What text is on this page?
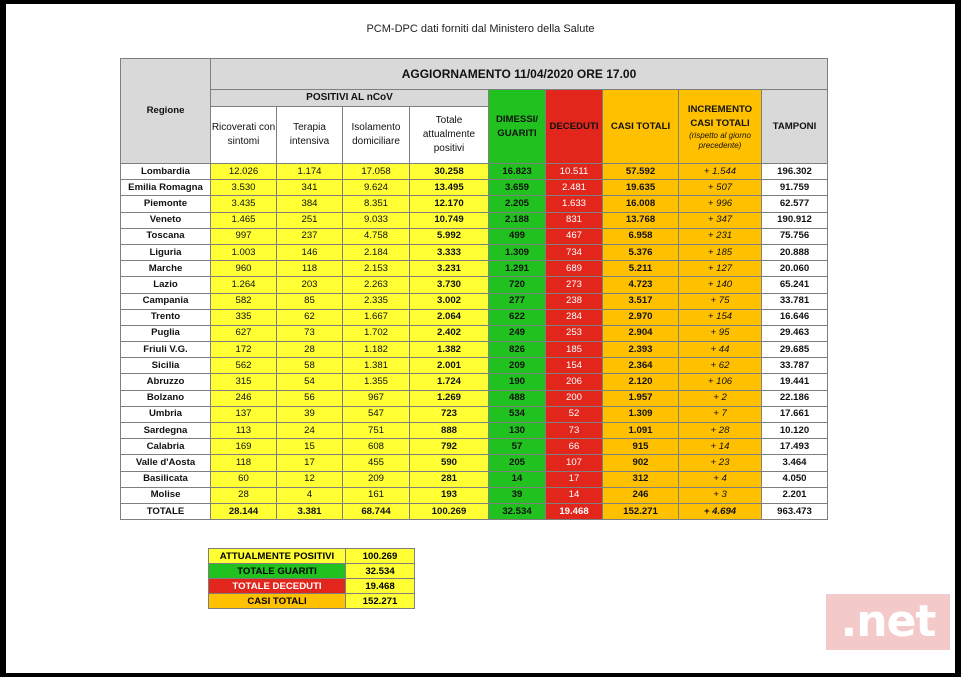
PCM-DPC dati forniti dal Ministero della Salute
Regione	AGGIORNAMENTO 11/04/2020 ORE 17.00								
	POSITIVI AL nCoV				DIMESSI/ GUARITI	DECEDUTI	CASI TOTALI	INCREMENTO CASI TOTALI
(rispetto al giorno precedente)	TAMPONI
	Ricoverati con sintomi	Terapia intensiva	Isolamento domiciliare	Totale attualmente positivi					
Lombardia	12.026	1.174	17.058	30.258	16.823	10.511	57.592	+ 1.544	196.302
Emilia Romagna	3.530	341	9.624	13.495	3.659	2.481	19.635	+ 507	91.759
Piemonte	3.435	384	8.351	12.170	2.205	1.633	16.008	+ 996	62.577
Veneto	1.465	251	9.033	10.749	2.188	831	13.768	+ 347	190.912
Toscana	997	237	4.758	5.992	499	467	6.958	+ 231	75.756
Liguria	1.003	146	2.184	3.333	1.309	734	5.376	+ 185	20.888
Marche	960	118	2.153	3.231	1.291	689	5.211	+ 127	20.060
Lazio	1.264	203	2.263	3.730	720	273	4.723	+ 140	65.241
Campania	582	85	2.335	3.002	277	238	3.517	+ 75	33.781
Trento	335	62	1.667	2.064	622	284	2.970	+ 154	16.646
Puglia	627	73	1.702	2.402	249	253	2.904	+ 95	29.463
Friuli V.G.	172	28	1.182	1.382	826	185	2.393	+ 44	29.685
Sicilia	562	58	1.381	2.001	209	154	2.364	+ 62	33.787
Abruzzo	315	54	1.355	1.724	190	206	2.120	+ 106	19.441
Bolzano	246	56	967	1.269	488	200	1.957	+ 2	22.186
Umbria	137	39	547	723	534	52	1.309	+ 7	17.661
Sardegna	113	24	751	888	130	73	1.091	+ 28	10.120
Calabria	169	15	608	792	57	66	915	+ 14	17.493
Valle d'Aosta	118	17	455	590	205	107	902	+ 23	3.464
Basilicata	60	12	209	281	14	17	312	+ 4	4.050
Molise	28	4	161	193	39	14	246	+ 3	2.201
TOTALE	28.144	3.381	68.744	100.269	32.534	19.468	152.271	+ 4.694	963.473
ATTUALMENTE POSITIVI	100.269
TOTALE GUARITI	32.534
TOTALE DECEDUTI	19.468
CASI TOTALI	152.271	.net
